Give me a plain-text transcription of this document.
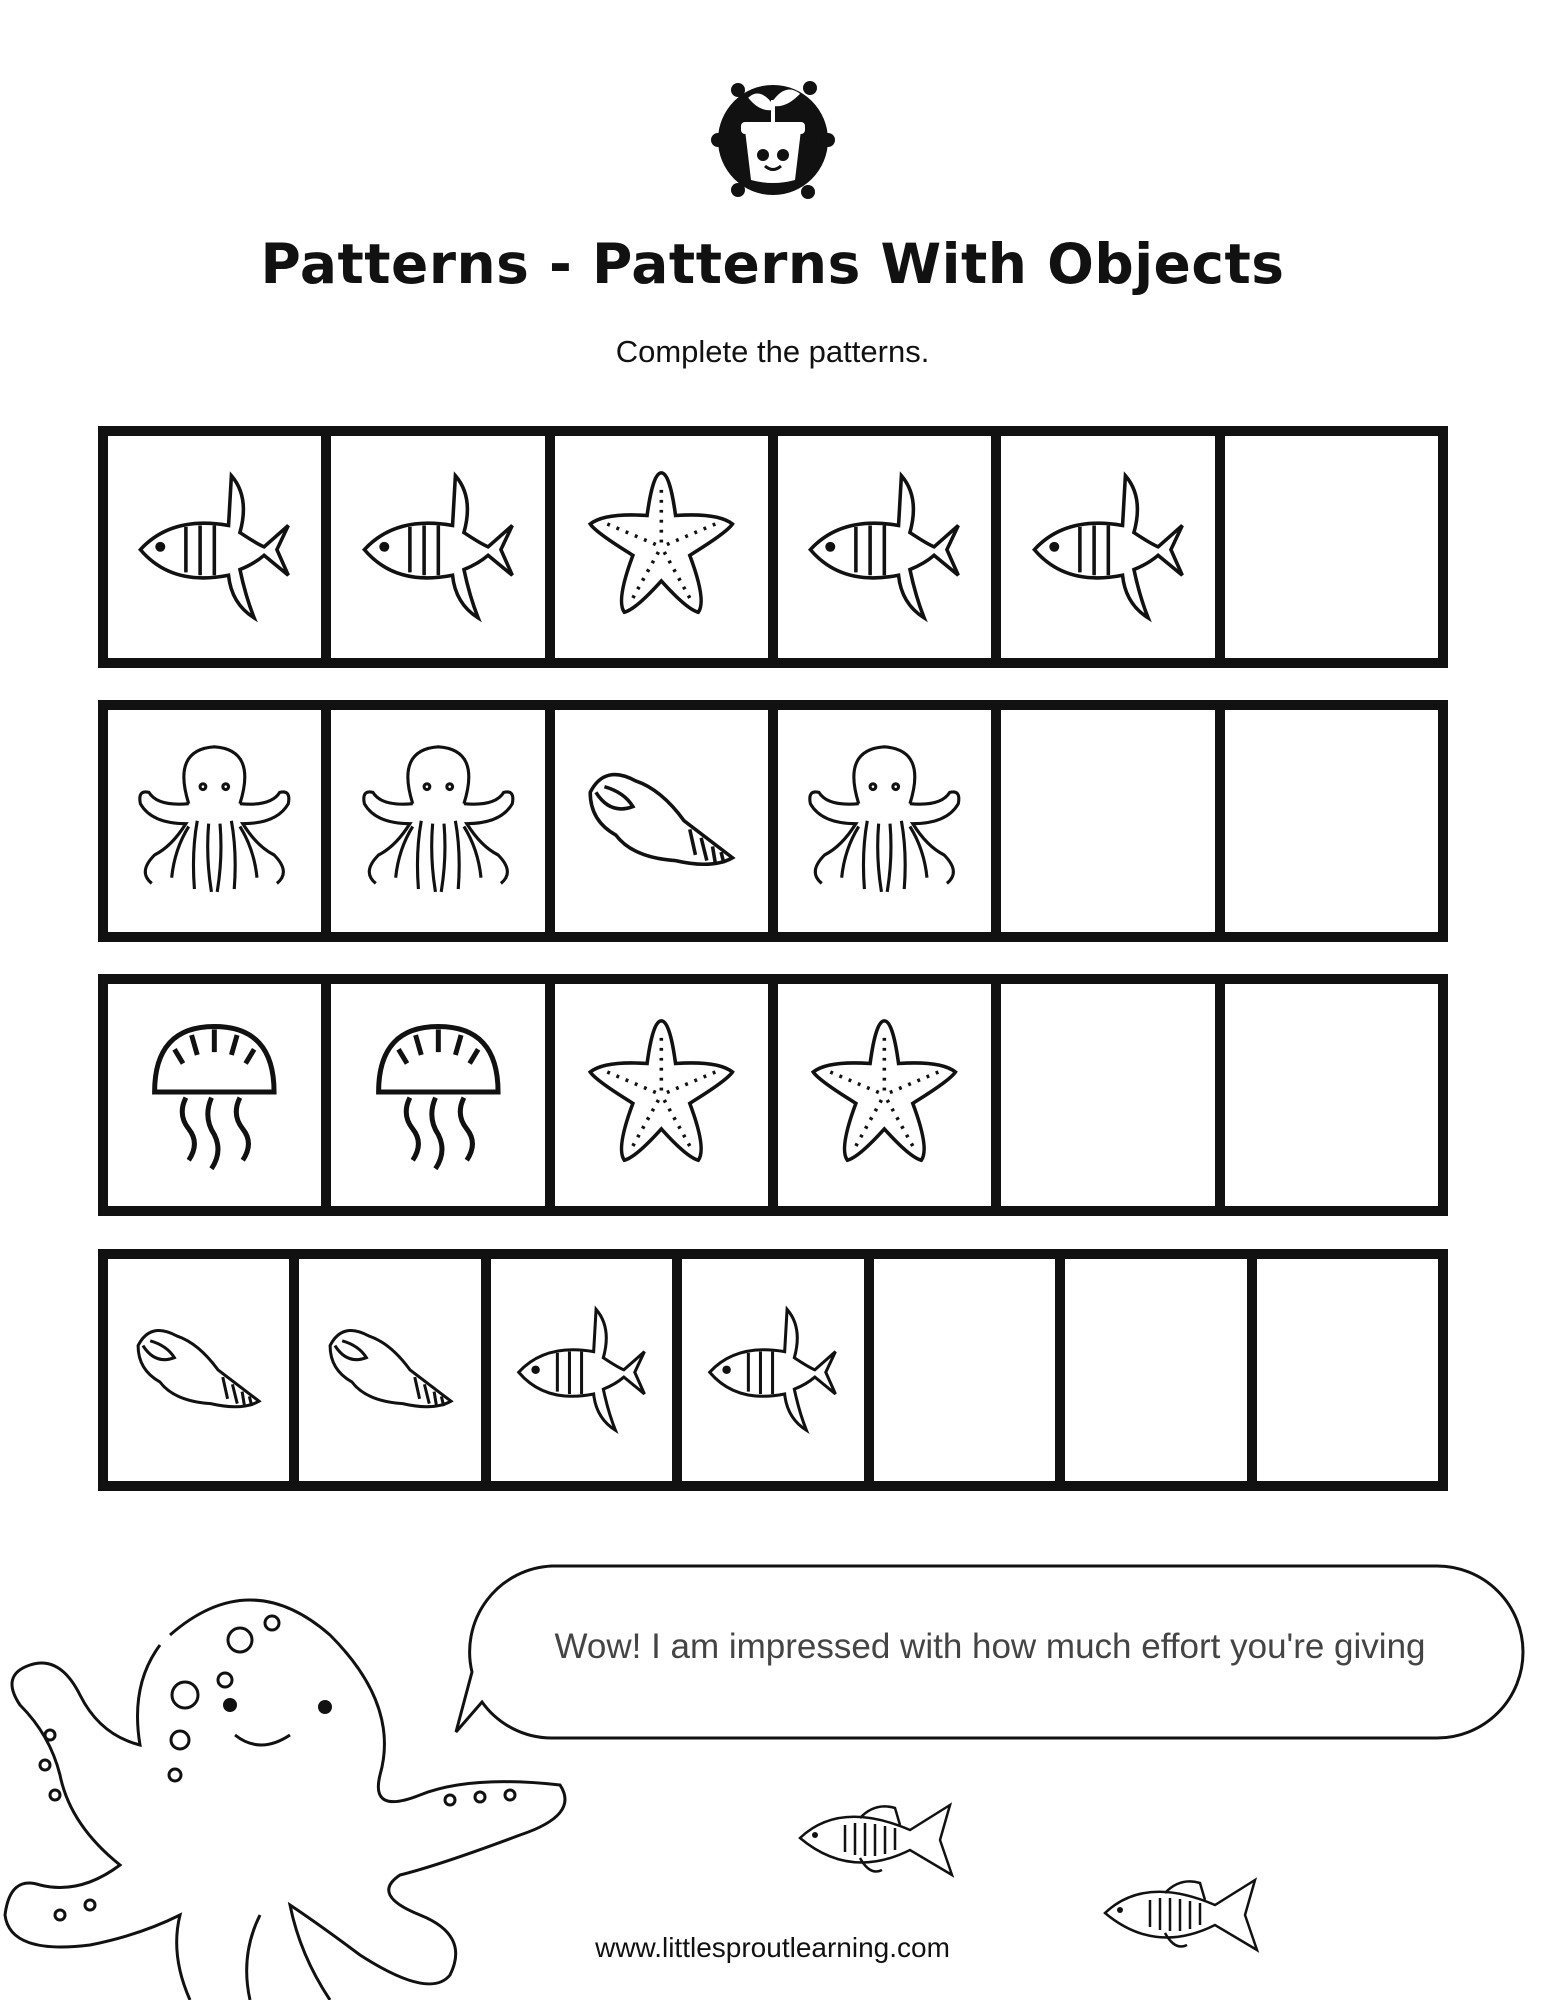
Patterns - Patterns With Objects
Complete the patterns.
Wow! I am impressed with how much effort you're giving
www.littlesproutlearning.com
